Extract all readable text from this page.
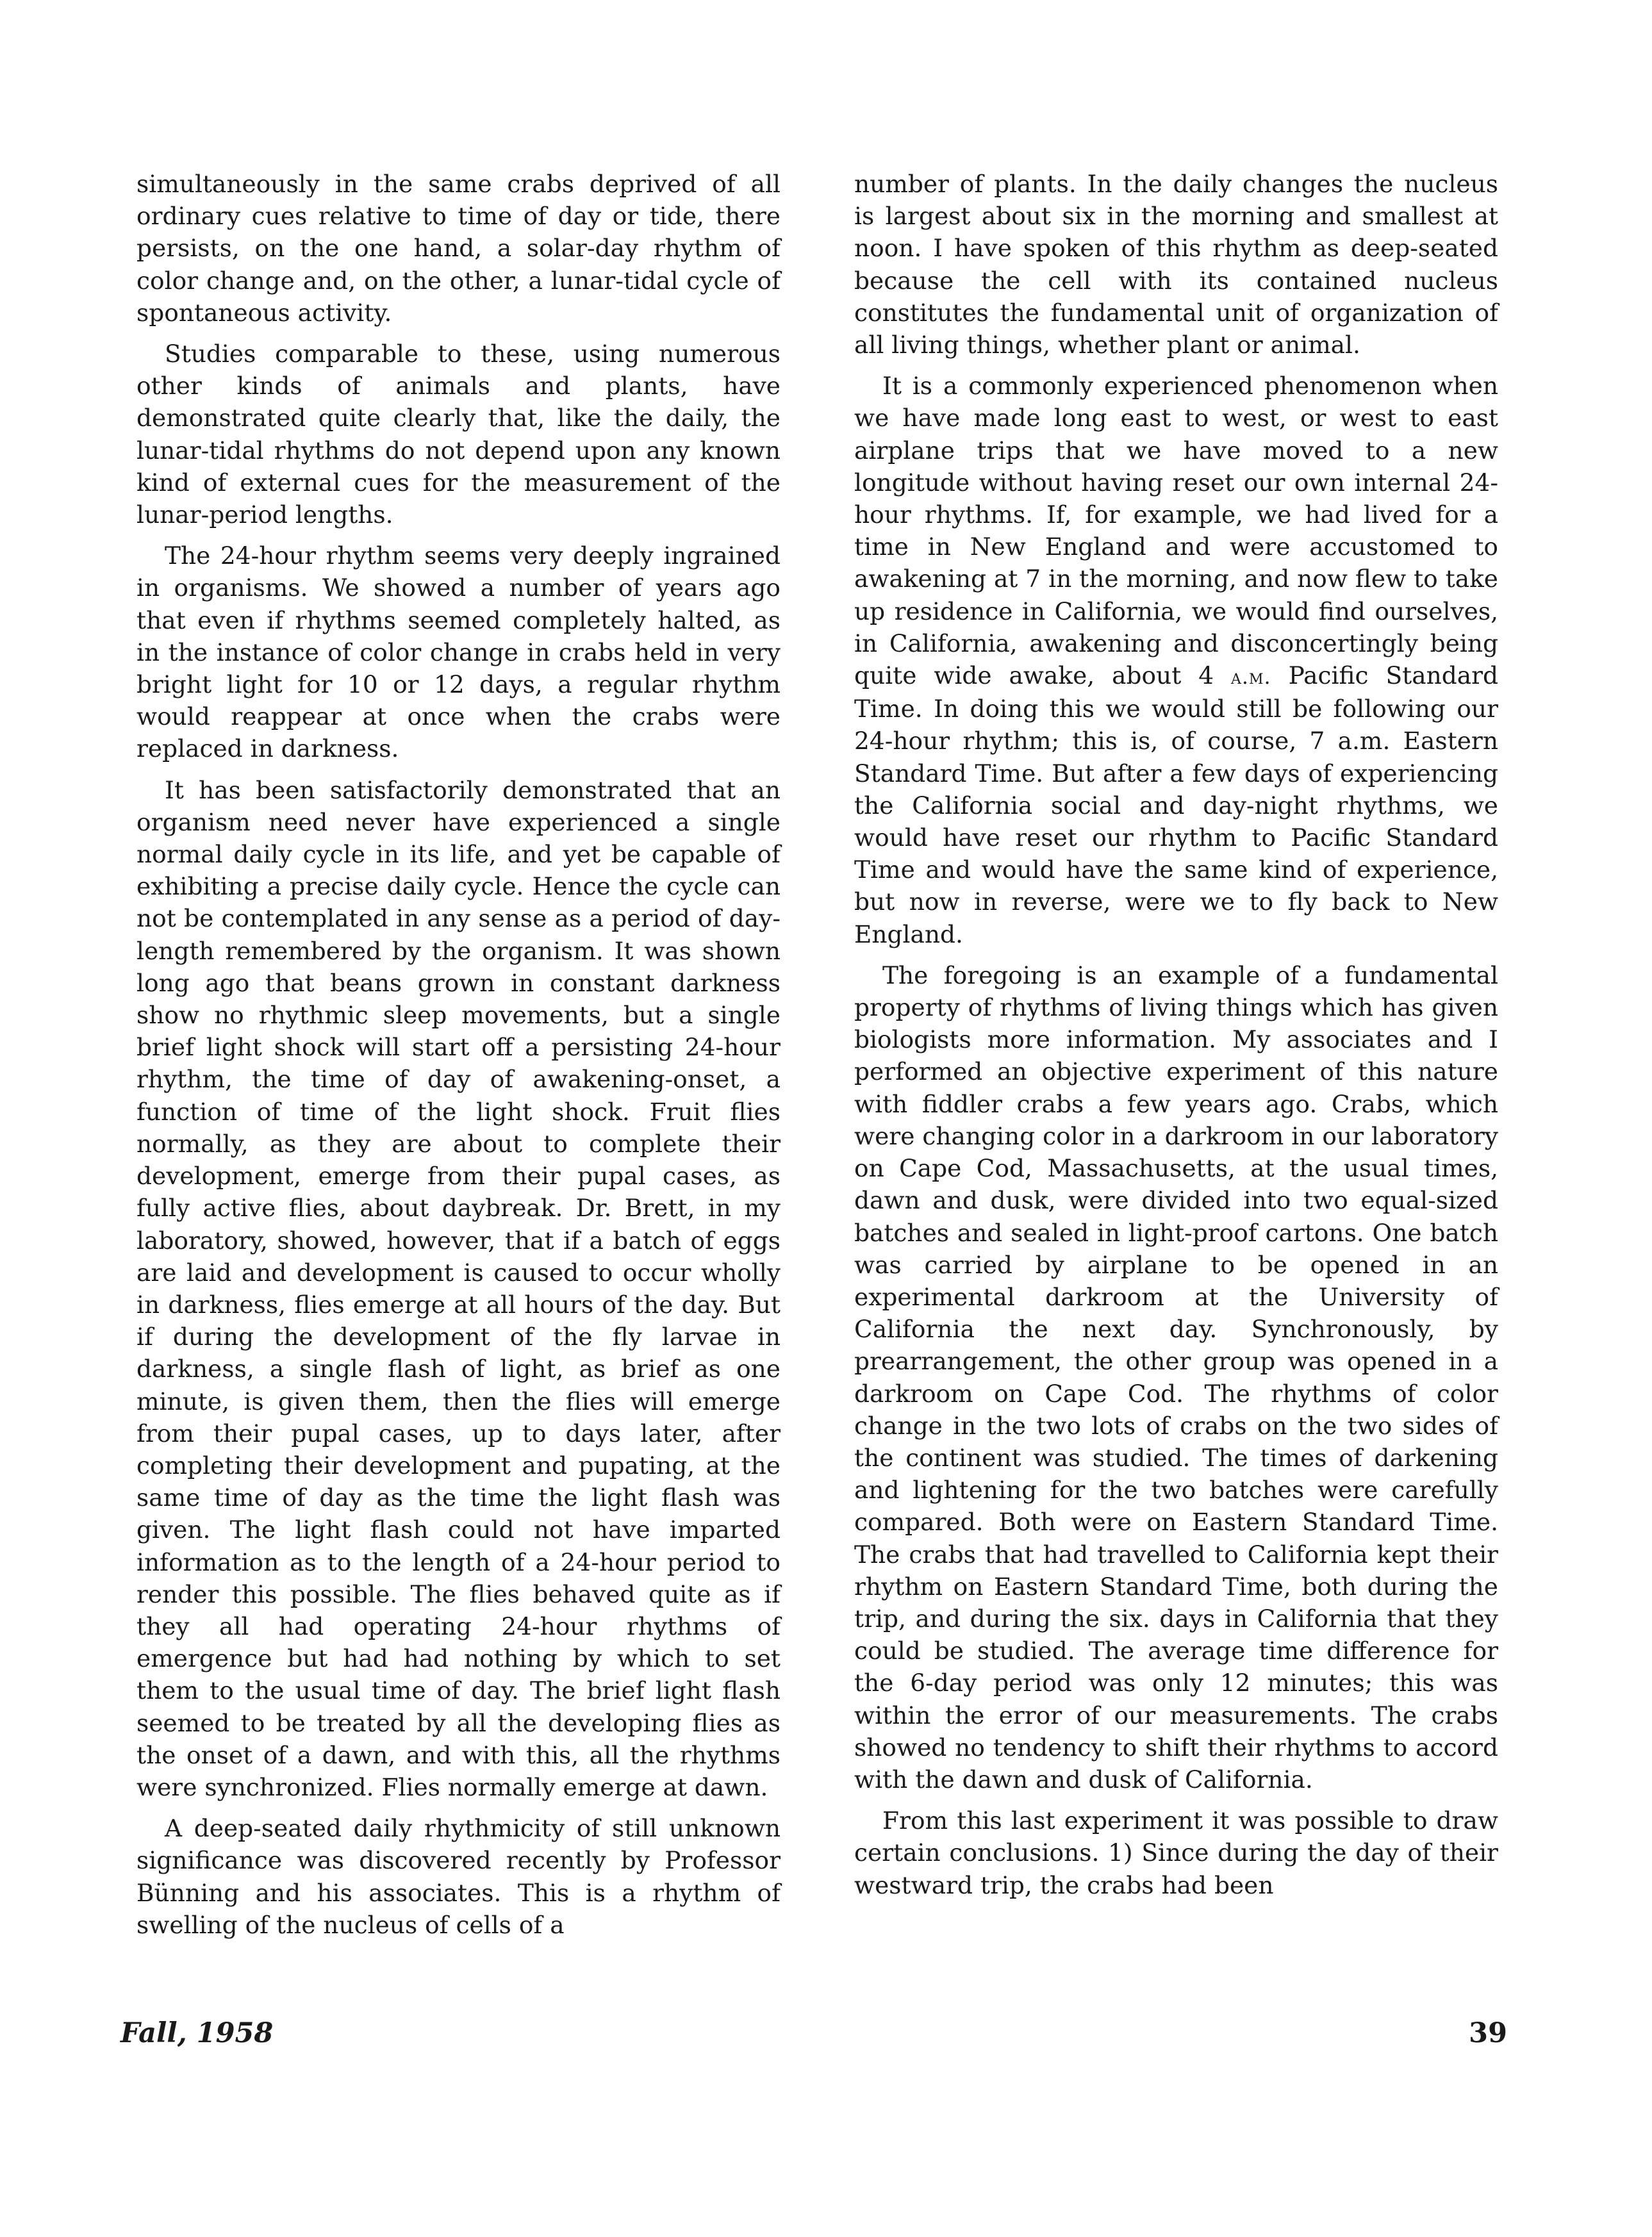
simultaneously in the same crabs deprived of all ordinary cues relative to time of day or tide, there persists, on the one hand, a solar-day rhythm of color change and, on the other, a lunar-tidal cycle of spontaneous activity.

Studies comparable to these, using numerous other kinds of animals and plants, have demonstrated quite clearly that, like the daily, the lunar-tidal rhythms do not depend upon any known kind of external cues for the measurement of the lunar-period lengths.

The 24-hour rhythm seems very deeply ingrained in organisms. We showed a number of years ago that even if rhythms seemed completely halted, as in the instance of color change in crabs held in very bright light for 10 or 12 days, a regular rhythm would reappear at once when the crabs were replaced in darkness.

It has been satisfactorily demonstrated that an organism need never have experienced a single normal daily cycle in its life, and yet be capable of exhibiting a precise daily cycle. Hence the cycle can not be contemplated in any sense as a period of day-length remembered by the organism. It was shown long ago that beans grown in constant darkness show no rhythmic sleep movements, but a single brief light shock will start off a persisting 24-hour rhythm, the time of day of awakening-onset, a function of time of the light shock. Fruit flies normally, as they are about to complete their development, emerge from their pupal cases, as fully active flies, about daybreak. Dr. Brett, in my laboratory, showed, however, that if a batch of eggs are laid and development is caused to occur wholly in darkness, flies emerge at all hours of the day. But if during the development of the fly larvae in darkness, a single flash of light, as brief as one minute, is given them, then the flies will emerge from their pupal cases, up to days later, after completing their development and pupating, at the same time of day as the time the light flash was given. The light flash could not have imparted information as to the length of a 24-hour period to render this possible. The flies behaved quite as if they all had operating 24-hour rhythms of emergence but had had nothing by which to set them to the usual time of day. The brief light flash seemed to be treated by all the developing flies as the onset of a dawn, and with this, all the rhythms were synchronized. Flies normally emerge at dawn.

A deep-seated daily rhythmicity of still unknown significance was discovered recently by Professor Bünning and his associates. This is a rhythm of swelling of the nucleus of cells of a

number of plants. In the daily changes the nucleus is largest about six in the morning and smallest at noon. I have spoken of this rhythm as deep-seated because the cell with its contained nucleus constitutes the fundamental unit of organization of all living things, whether plant or animal.

It is a commonly experienced phenomenon when we have made long east to west, or west to east airplane trips that we have moved to a new longitude without having reset our own internal 24-hour rhythms. If, for example, we had lived for a time in New England and were accustomed to awakening at 7 in the morning, and now flew to take up residence in California, we would find ourselves, in California, awakening and disconcertingly being quite wide awake, about 4 a.m. Pacific Standard Time. In doing this we would still be following our 24-hour rhythm; this is, of course, 7 a.m. Eastern Standard Time. But after a few days of experiencing the California social and day-night rhythms, we would have reset our rhythm to Pacific Standard Time and would have the same kind of experience, but now in reverse, were we to fly back to New England.

The foregoing is an example of a fundamental property of rhythms of living things which has given biologists more information. My associates and I performed an objective experiment of this nature with fiddler crabs a few years ago. Crabs, which were changing color in a darkroom in our laboratory on Cape Cod, Massachusetts, at the usual times, dawn and dusk, were divided into two equal-sized batches and sealed in light-proof cartons. One batch was carried by airplane to be opened in an experimental darkroom at the University of California the next day. Synchronously, by prearrangement, the other group was opened in a darkroom on Cape Cod. The rhythms of color change in the two lots of crabs on the two sides of the continent was studied. The times of darkening and lightening for the two batches were carefully compared. Both were on Eastern Standard Time. The crabs that had travelled to California kept their rhythm on Eastern Standard Time, both during the trip, and during the six. days in California that they could be studied. The average time difference for the 6-day period was only 12 minutes; this was within the error of our measurements. The crabs showed no tendency to shift their rhythms to accord with the dawn and dusk of California.

From this last experiment it was possible to draw certain conclusions. 1) Since during the day of their westward trip, the crabs had been

Fall, 1958	39
